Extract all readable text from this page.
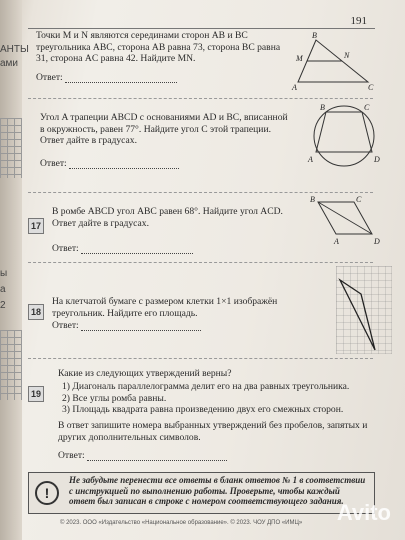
АНТЫ
ами
ы
а
2
191
Точки M и N являются серединами сторон AB и BC треугольника ABC, сторона AB равна 73, сторона BC равна 31, сторона AC равна 42. Найдите MN.
Ответ:
B
M	N
A	C
Угол A трапеции ABCD с основаниями AD и BC, вписанной в окружность, равен 77°. Найдите угол C этой трапеции. Ответ дайте в градусах.
Ответ:
B	C
A	D
17
В ромбе ABCD угол ABC равен 68°. Найдите угол ACD. Ответ дайте в градусах.
Ответ:
B	C
A	D
18
На клетчатой бумаге с размером клетки 1×1 изображён треугольник. Найдите его площадь.
Ответ:
19
Какие из следующих утверждений верны?
1) Диагональ параллелограмма делит его на два равных треугольника.
2) Все углы ромба равны.
3) Площадь квадрата равна произведению двух его смежных сторон.
В ответ запишите номера выбранных утверждений без пробелов, запятых и других дополнительных символов.
Ответ:
!
Не забудьте перенести все ответы в бланк ответов № 1 в соответствии с инструкцией по выполнению работы. Проверьте, чтобы каждый ответ был записан в строке с номером соответствующего задания.
© 2023. ООО «Издательство «Национальное образование». © 2023. ЧОУ ДПО «ИМЦ» Avito
